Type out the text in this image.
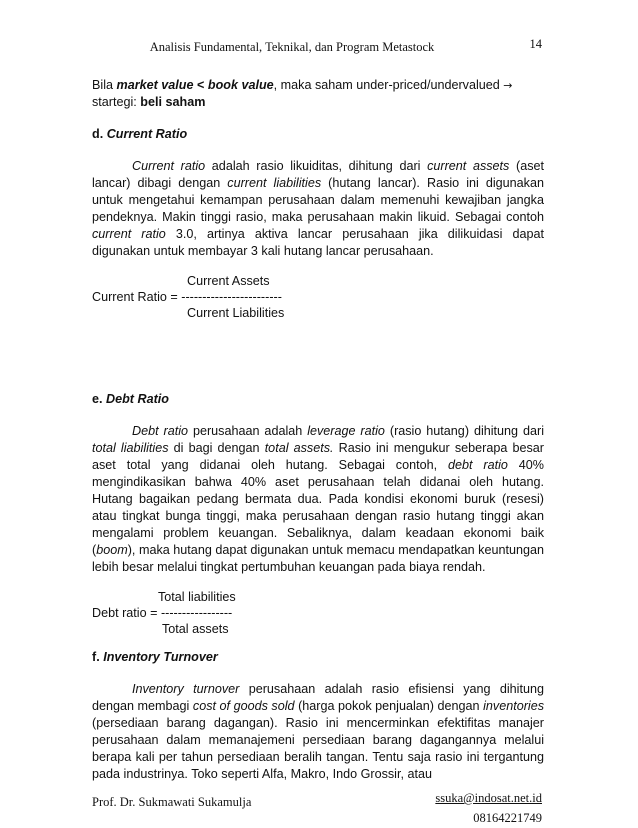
Analisis Fundamental, Teknikal, dan Program Metastock	14

Bila market value < book value, maka saham under-priced/undervalued →
startegi: beli saham

d. Current Ratio

Current ratio adalah rasio likuiditas, dihitung dari current assets (aset lancar) dibagi dengan current liabilities (hutang lancar). Rasio ini digunakan untuk mengetahui kemampan perusahaan dalam memenuhi kewajiban jangka pendeknya. Makin tinggi rasio, maka perusahaan makin likuid. Sebagai contoh current ratio 3.0, artinya aktiva lancar perusahaan jika dilikuidasi dapat digunakan untuk membayar 3 kali hutang lancar perusahaan.

Current Assets
Current Ratio = ------------------------
Current Liabilities

e. Debt Ratio

Debt ratio perusahaan adalah leverage ratio (rasio hutang) dihitung dari total liabilities di bagi dengan total assets. Rasio ini mengukur seberapa besar aset total yang didanai oleh hutang. Sebagai contoh, debt ratio 40% mengindikasikan bahwa 40% aset perusahaan telah didanai oleh hutang. Hutang bagaikan pedang bermata dua. Pada kondisi ekonomi buruk (resesi) atau tingkat bunga tinggi, maka perusahaan dengan rasio hutang tinggi akan mengalami problem keuangan. Sebaliknya, dalam keadaan ekonomi baik (boom), maka hutang dapat digunakan untuk memacu mendapatkan keuntungan lebih besar melalui tingkat pertumbuhan keuangan pada biaya rendah.

Total liabilities
Debt ratio = -----------------
Total assets

f. Inventory Turnover

Inventory turnover perusahaan adalah rasio efisiensi yang dihitung dengan membagi cost of goods sold (harga pokok penjualan) dengan inventories (persediaan barang dagangan). Rasio ini mencerminkan efektifitas manajer perusahaan dalam memanajemeni persediaan barang dagangannya melalui berapa kali per tahun persediaan beralih tangan. Tentu saja rasio ini tergantung pada industrinya. Toko seperti Alfa, Makro, Indo Grossir, atau

Prof. Dr. Sukmawati Sukamulja	ssuka@indosat.net.id
08164221749
